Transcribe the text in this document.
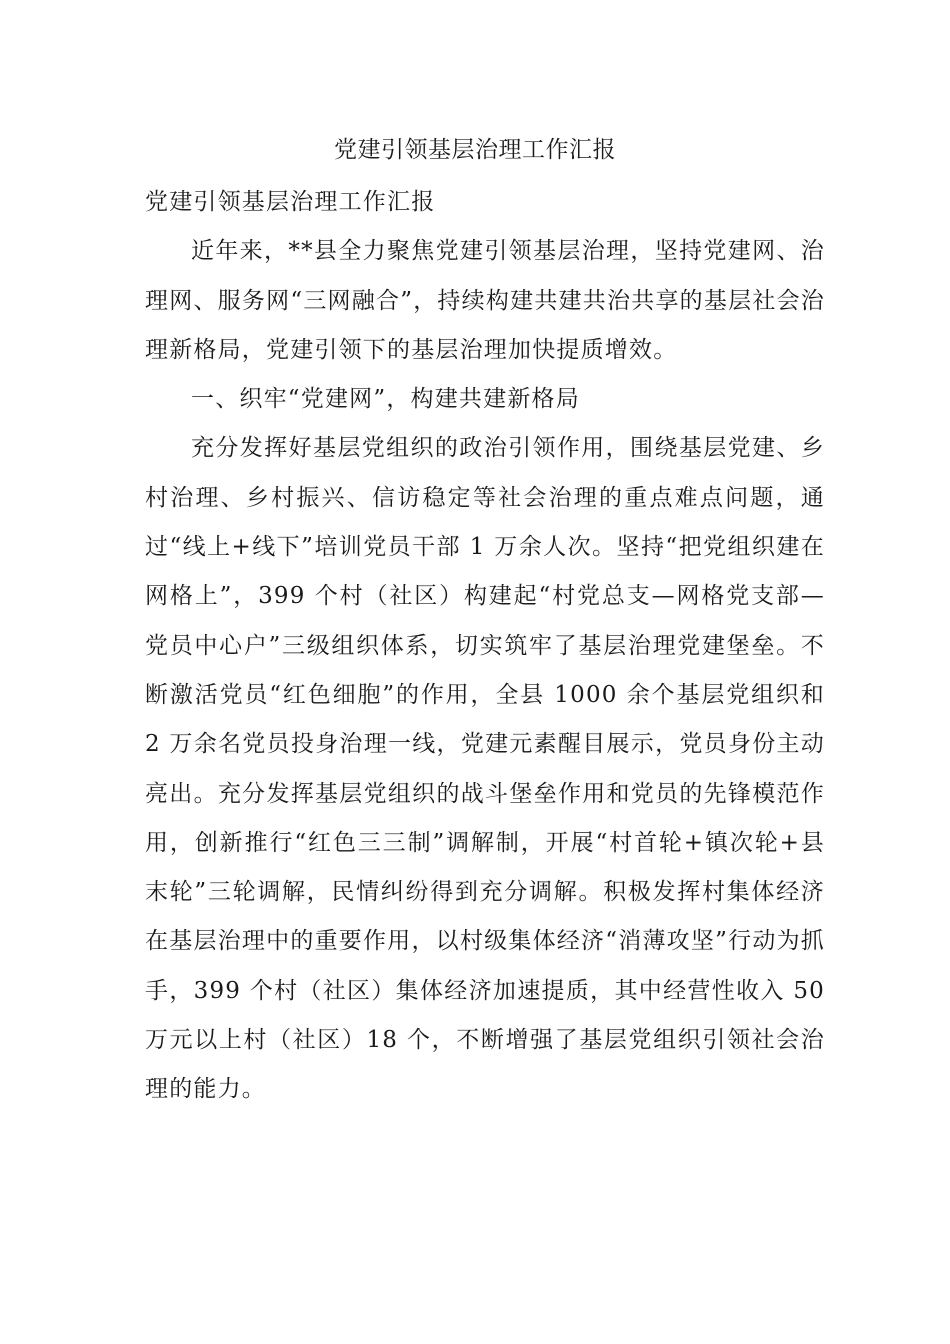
党建引领基层治理工作汇报

党建引领基层治理工作汇报

近年来，**县全力聚焦党建引领基层治理，坚持党建网、治理网、服务网“三网融合”，持续构建共建共治共享的基层社会治理新格局，党建引领下的基层治理加快提质增效。

一、织牢“党建网”，构建共建新格局

充分发挥好基层党组织的政治引领作用，围绕基层党建、乡村治理、乡村振兴、信访稳定等社会治理的重点难点问题，通过“线上+线下”培训党员干部 1 万余人次。坚持“把党组织建在网格上”，399 个村（社区）构建起“村党总支—网格党支部—党员中心户”三级组织体系，切实筑牢了基层治理党建堡垒。不断激活党员“红色细胞”的作用，全县 1000 余个基层党组织和 2 万余名党员投身治理一线，党建元素醒目展示，党员身份主动亮出。充分发挥基层党组织的战斗堡垒作用和党员的先锋模范作用，创新推行“红色三三制”调解制，开展“村首轮+镇次轮+县末轮”三轮调解，民情纠纷得到充分调解。积极发挥村集体经济在基层治理中的重要作用，以村级集体经济“消薄攻坚”行动为抓手，399 个村（社区）集体经济加速提质，其中经营性收入 50 万元以上村（社区）18 个，不断增强了基层党组织引领社会治理的能力。
